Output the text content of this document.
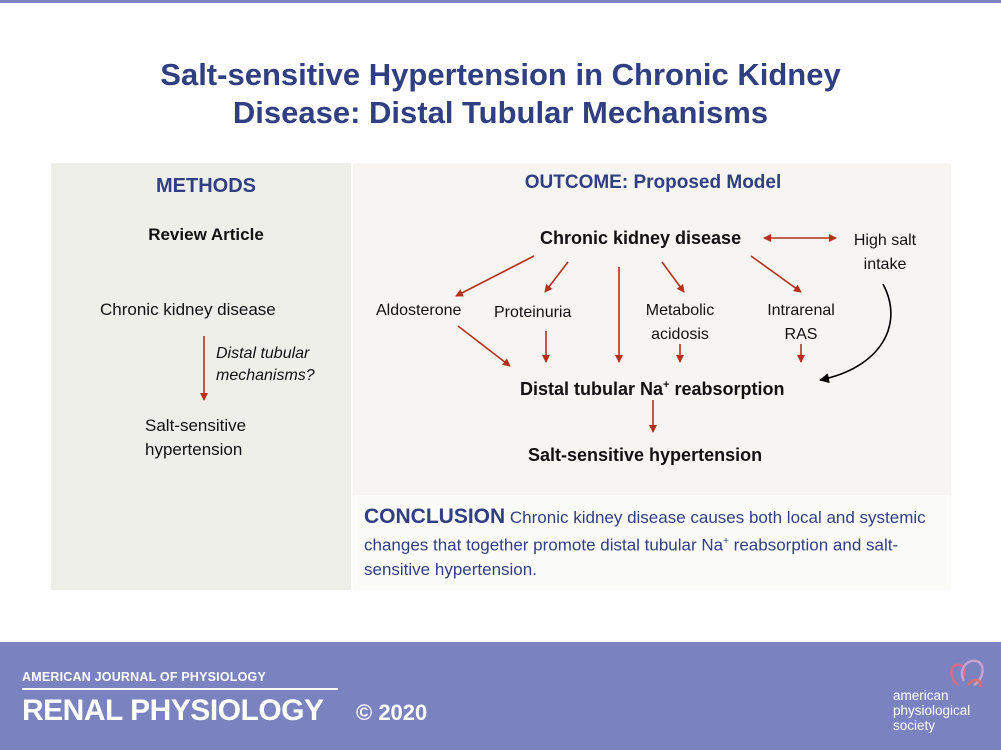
Salt-sensitive Hypertension in Chronic Kidney
Disease: Distal Tubular Mechanisms
METHODS
Review Article
Chronic kidney disease
Distal tubular
mechanisms?
Salt-sensitive
hypertension
OUTCOME: Proposed Model
Chronic kidney disease	High salt
intake
Aldosterone Proteinuria	Metabolic
acidosis
Intrarenal
RAS
Distal tubular Na+ reabsorption
Salt-sensitive hypertension
CONCLUSION Chronic kidney disease causes both local and systemic changes that together promote distal tubular Na+ reabsorption and salt-sensitive hypertension.
AMERICAN JOURNAL OF PHYSIOLOGY
RENAL PHYSIOLOGY © 2020
american
physiological
society
